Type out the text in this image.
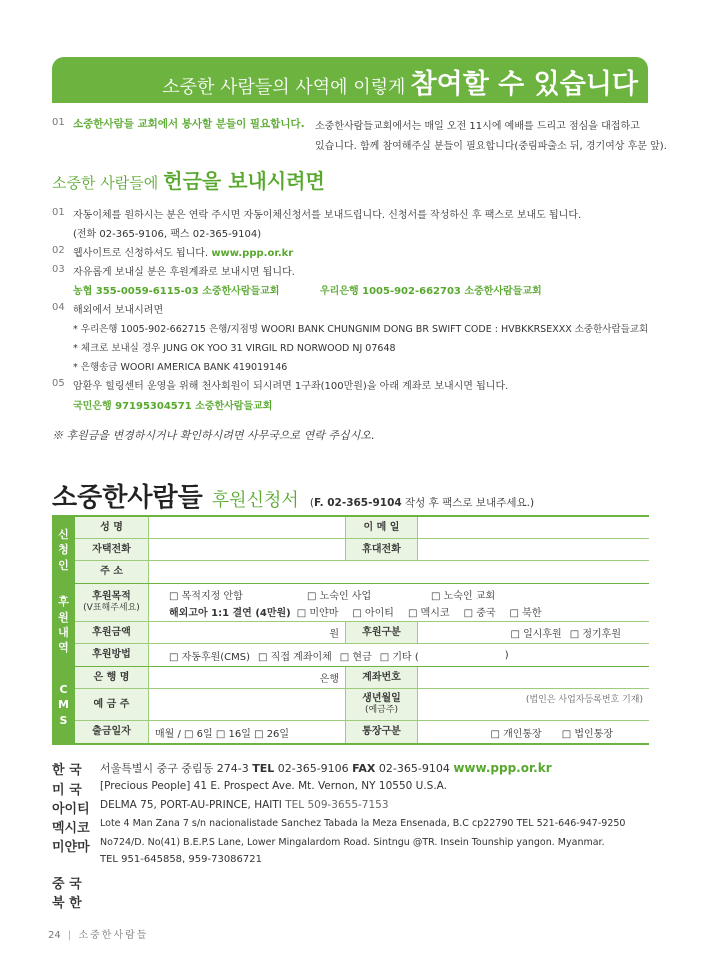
소중한 사람들의 사역에 이렇게 참여할 수 있습니다
01 소중한사람들 교회에서 봉사할 분들이 필요합니다. 소중한사람들교회에서는 매일 오전 11시에 예배를 드리고 점심을 대접하고
있습니다. 함께 참여해주실 분들이 필요합니다(중림파출소 뒤, 경기여상 후문 앞).
소중한 사람들에 헌금을 보내시려면
01 자동이체를 원하시는 분은 연락 주시면 자동이체신청서를 보내드립니다. 신청서를 작성하신 후 팩스로 보내도 됩니다.
(전화 02-365-9106, 팩스 02-365-9104)
02 웹사이트로 신청하셔도 됩니다. www.ppp.or.kr
03 자유롭게 보내실 분은 후원계좌로 보내시면 됩니다.
농협 355-0059-6115-03 소중한사람들교회	우리은행 1005-902-662703 소중한사람들교회
04 해외에서 보내시려면
* 우리은행 1005-902-662715 은행/지점명 WOORI BANK CHUNGNIM DONG BR SWIFT CODE : HVBKKRSEXXX 소중한사람들교회
* 체크로 보내실 경우 JUNG OK YOO 31 VIRGIL RD NORWOOD NJ 07648
* 은행송금 WOORI AMERICA BANK 419019146
05 암환우 힐링센터 운영을 위해 천사회원이 되시려면 1구좌(100만원)을 아래 계좌로 보내시면 됩니다.
국민은행 97195304571 소중한사람들교회
※ 후원금을 변경하시거나 확인하시려면 사무국으로 연락 주십시오.
소중한사람들 후원신청서 (F. 02-365-9104 작성 후 팩스로 보내주세요.)
신
청
인
성 명	이 메 일
자택전화	휴대전화
주 소
후
원
내
역
후원목적
(V표해주세요)
□ 목적지정 안함	□ 노숙인 사업	□ 노숙인 교회
해외고아 1:1 결연 (4만원) □ 미얀마 □ 아이티 □ 멕시코 □ 중국 □ 북한
후원금액	원	후원구분	□ 일시후원 □ 정기후원
후원방법	□ 자동후원(CMS) □ 직접 계좌이체 □ 현금 □ 기타 (	)
C
M
S
은 행 명	은행	계좌번호
예 금 주	생년월일
(예금주)
(법인은 사업자등록번호 기재)
출금일자	매월 / □ 6일 □ 16일 □ 26일	통장구분	□ 개인통장 □ 법인통장
한 국 서울특별시 중구 중림동 274-3 TEL 02-365-9106 FAX 02-365-9104 www.ppp.or.kr
미 국 [Precious People] 41 E. Prospect Ave. Mt. Vernon, NY 10550 U.S.A.
아이티 DELMA 75, PORT-AU-PRINCE, HAITI TEL 509-3655-7153
멕시코 Lote 4 Man Zana 7 s/n nacionalistade Sanchez Tabada la Meza Ensenada, B.C cp22790 TEL 521-646-947-9250
미얀마 No724/D. No(41) B.E.P.S Lane, Lower Mingalardom Road. Sintngu @TR. Insein Tounship yangon. Myanmar.
TEL 951-645858, 959-73086721
중 국
북 한
24 | 소중한사람들
